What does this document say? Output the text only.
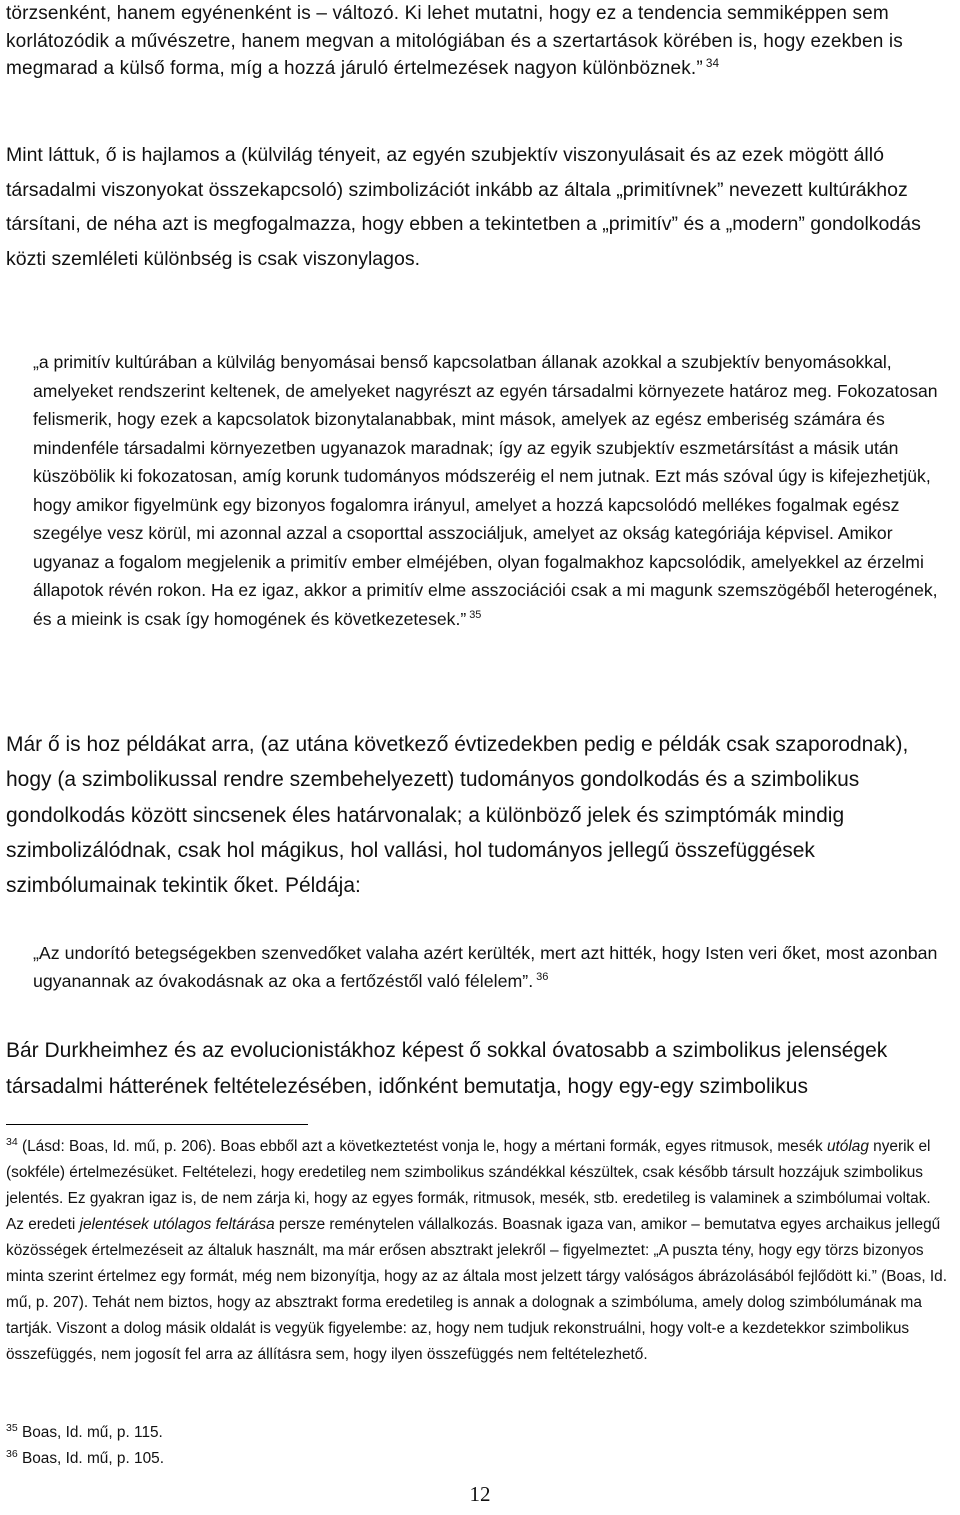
törzsenként, hanem egyénenként is – változó. Ki lehet mutatni, hogy ez a tendencia semmiképpen sem korlátozódik a művészetre, hanem megvan a mitológiában és a szertartások körében is, hogy ezekben is megmarad a külső forma, míg a hozzá járuló értelmezések nagyon különböznek.” $^{34}$

Mint láttuk, ő is hajlamos a (külvilág tényeit, az egyén szubjektív viszonyulásait és az ezek mögött álló társadalmi viszonyokat összekapcsoló) szimbolizációt inkább az általa „primitívnek” nevezett kultúrákhoz társítani, de néha azt is megfogalmazza, hogy ebben a tekintetben a „primitív” és a „modern” gondolkodás közti szemléleti különbség is csak viszonylagos.

„a primitív kultúrában a külvilág benyomásai benső kapcsolatban állanak azokkal a szubjektív benyomásokkal, amelyeket rendszerint keltenek, de amelyeket nagyrészt az egyén társadalmi környezete határoz meg. Fokozatosan felismerik, hogy ezek a kapcsolatok bizonytalanabbak, mint mások, amelyek az egész emberiség számára és mindenféle társadalmi környezetben ugyanazok maradnak; így az egyik szubjektív eszmetársítást a másik után küszöbölik ki fokozatosan, amíg korunk tudományos módszeréig el nem jutnak. Ezt más szóval úgy is kifejezhetjük, hogy amikor figyelmünk egy bizonyos fogalomra irányul, amelyet a hozzá kapcsolódó mellékes fogalmak egész szegélye vesz körül, mi azonnal azzal a csoporttal asszociáljuk, amelyet az okság kategóriája képvisel. Amikor ugyanaz a fogalom megjelenik a primitív ember elméjében, olyan fogalmakhoz kapcsolódik, amelyekkel az érzelmi állapotok révén rokon. Ha ez igaz, akkor a primitív elme asszociációi csak a mi magunk szemszögéből heterogének, és a mieink is csak így homogének és következetesek.” $^{35}$

Már ő is hoz példákat arra, (az utána következő évtizedekben pedig e példák csak szaporodnak), hogy (a szimbolikussal rendre szembehelyezett) tudományos gondolkodás és a szimbolikus gondolkodás között sincsenek éles határvonalak; a különböző jelek és szimptómák mindig szimbolizálódnak, csak hol mágikus, hol vallási, hol tudományos jellegű összefüggések szimbólumainak tekintik őket. Példája:

„Az undorító betegségekben szenvedőket valaha azért kerülték, mert azt hitték, hogy Isten veri őket, most azonban ugyanannak az óvakodásnak az oka a fertőzéstől való félelem”. $^{36}$

Bár Durkheimhez és az evolucionistákhoz képest ő sokkal óvatosabb a szimbolikus jelenségek társadalmi hátterének feltételezésében, időnként bemutatja, hogy egy-egy szimbolikus

$^{34}$ (Lásd: Boas, Id. mű, p. 206). Boas ebből azt a következtetést vonja le, hogy a mértani formák, egyes ritmusok, mesék utólag nyerik el (sokféle) értelmezésüket. Feltételezi, hogy eredetileg nem szimbolikus szándékkal készültek, csak később társult hozzájuk szimbolikus jelentés. Ez gyakran igaz is, de nem zárja ki, hogy az egyes formák, ritmusok, mesék, stb. eredetileg is valaminek a szimbólumai voltak. Az eredeti jelentések utólagos feltárása persze reménytelen vállalkozás. Boasnak igaza van, amikor – bemutatva egyes archaikus jellegű közösségek értelmezéseit az általuk használt, ma már erősen absztrakt jelekről – figyelmeztet: „A puszta tény, hogy egy törzs bizonyos minta szerint értelmez egy formát, még nem bizonyítja, hogy az az általa most jelzett tárgy valóságos ábrázolásából fejlődött ki.” (Boas, Id. mű, p. 207). Tehát nem biztos, hogy az absztrakt forma eredetileg is annak a dolognak a szimbóluma, amely dolog szimbólumának ma tartják. Viszont a dolog másik oldalát is vegyük figyelembe: az, hogy nem tudjuk rekonstruálni, hogy volt-e a kezdetekkor szimbolikus összefüggés, nem jogosít fel arra az állításra sem, hogy ilyen összefüggés nem feltételezhető.

$^{35}$ Boas, Id. mű, p. 115.

$^{36}$ Boas, Id. mű, p. 105.

12
